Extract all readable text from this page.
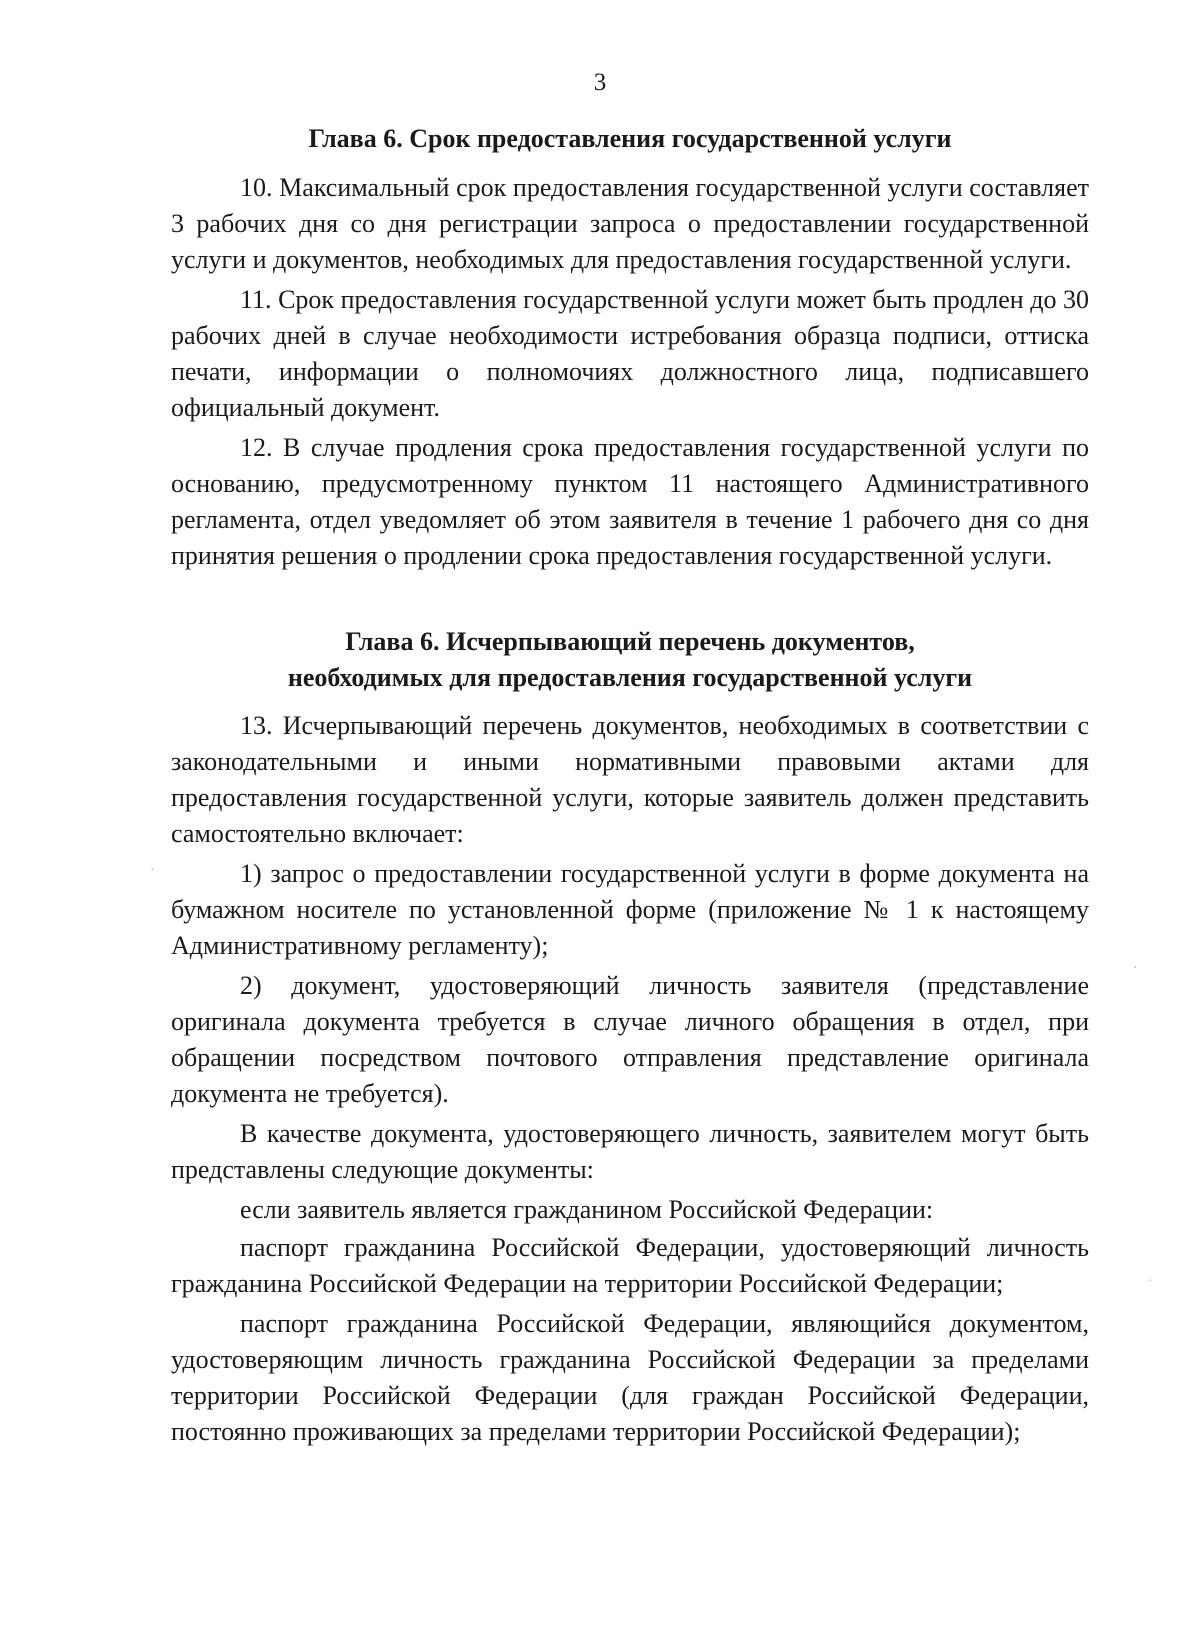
3
Глава 6. Срок предоставления государственной услуги

10. Максимальный срок предоставления государственной услуги составляет 3 рабочих дня со дня регистрации запроса о предоставлении государственной услуги и документов, необходимых для предоставления государственной услуги.

11. Срок предоставления государственной услуги может быть продлен до 30 рабочих дней в случае необходимости истребования образца подписи, оттиска печати, информации о полномочиях должностного лица, подписавшего официальный документ.

12. В случае продления срока предоставления государственной услуги по основанию, предусмотренному пунктом 11 настоящего Административного регламента, отдел уведомляет об этом заявителя в течение 1 рабочего дня со дня принятия решения о продлении срока предоставления государственной услуги.

Глава 6. Исчерпывающий перечень документов,
необходимых для предоставления государственной услуги

13. Исчерпывающий перечень документов, необходимых в соответствии с законодательными и иными нормативными правовыми актами для предоставления государственной услуги, которые заявитель должен представить самостоятельно включает:

1) запрос о предоставлении государственной услуги в форме документа на бумажном носителе по установленной форме (приложение № 1 к настоящему Административному регламенту);

2) документ, удостоверяющий личность заявителя (представление оригинала документа требуется в случае личного обращения в отдел, при обращении посредством почтового отправления представление оригинала документа не требуется).

В качестве документа, удостоверяющего личность, заявителем могут быть представлены следующие документы:

если заявитель является гражданином Российской Федерации:

паспорт гражданина Российской Федерации, удостоверяющий личность гражданина Российской Федерации на территории Российской Федерации;

паспорт гражданина Российской Федерации, являющийся документом, удостоверяющим личность гражданина Российской Федерации за пределами территории Российской Федерации (для граждан Российской Федерации, постоянно проживающих за пределами территории Российской Федерации);

·
·
·
